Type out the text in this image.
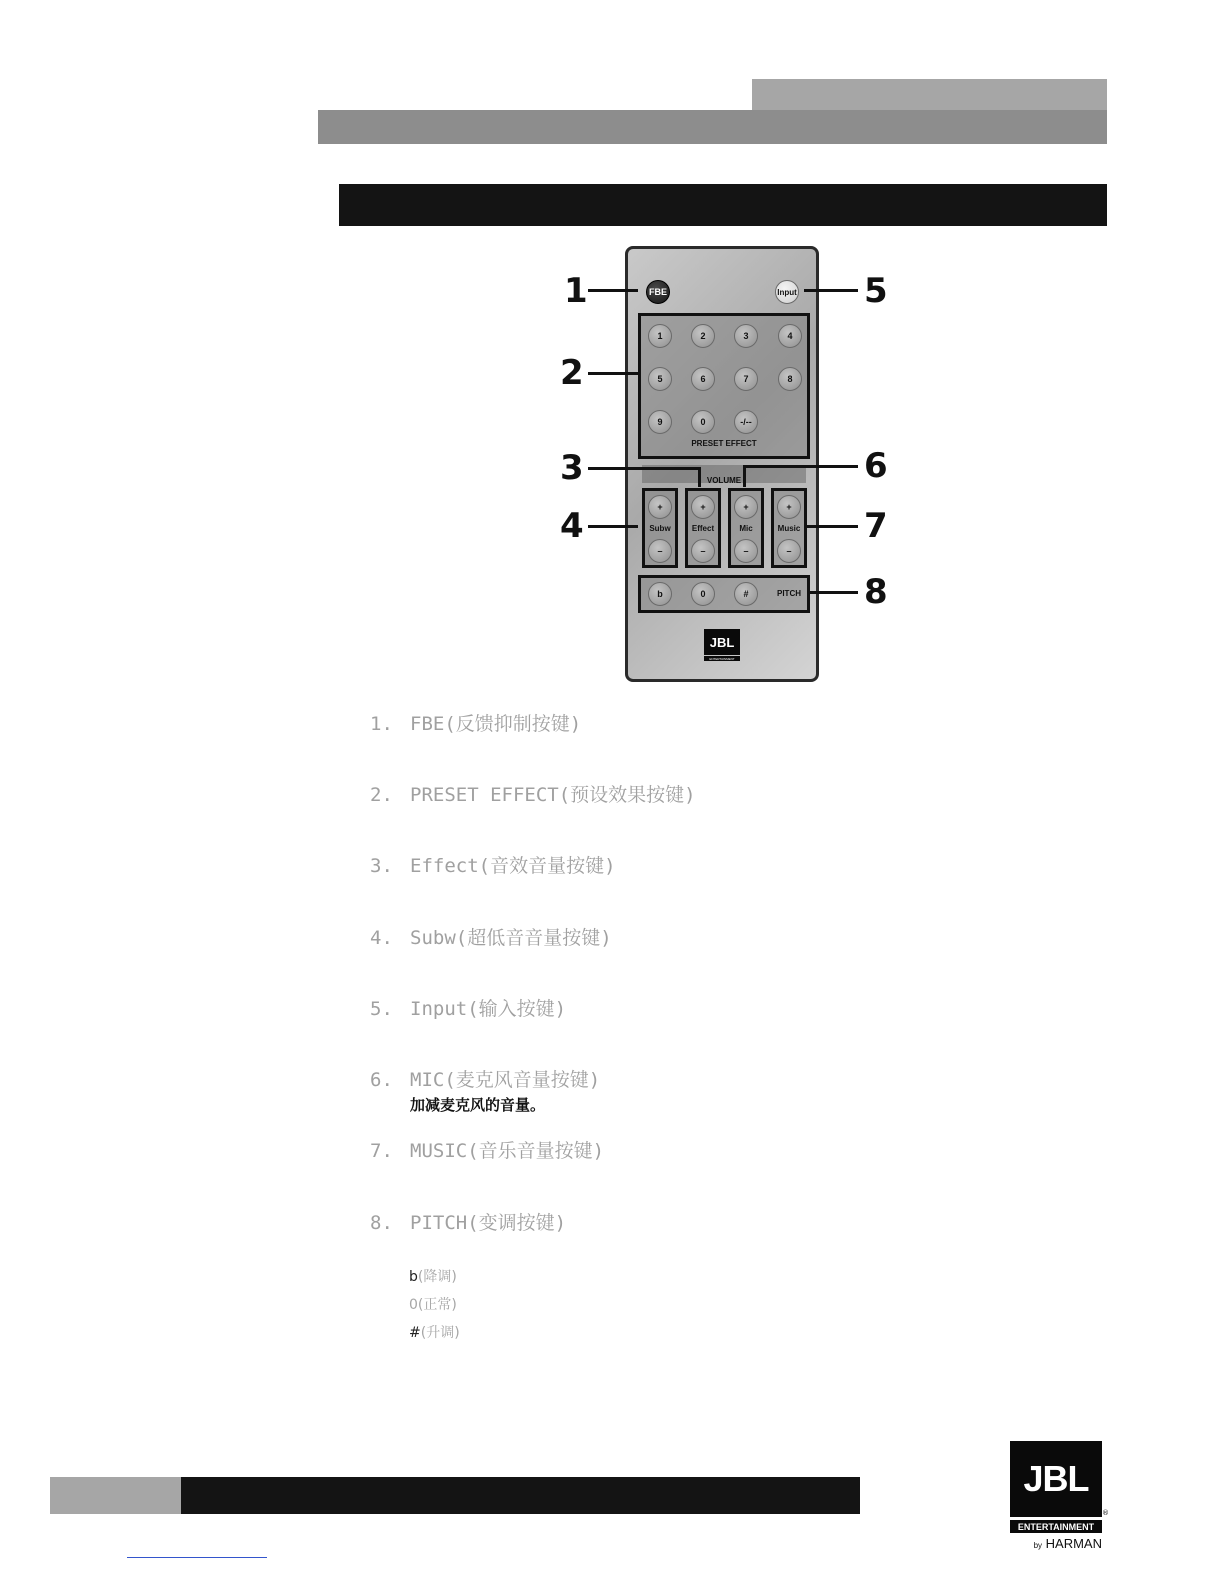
FBE	Input
1	2	3	4
5	6	7	8
9	0	-/--
PRESET EFFECT
VOLUME
+
Subw
–
+
Effect
–
+
Mic
–
+
Music
–
b	0	#	PITCH
JBL
ENTERTAINMENT
1
2
3
4
5
6
7
8
1. FBE(反馈抑制按键)
2. PRESET EFFECT(预设效果按键)
3. Effect(音效音量按键)
4. Subw(超低音音量按键)
5. Input(输入按键)
6. MIC(麦克风音量按键)
加减麦克风的音量。
7. MUSIC(音乐音量按键)
8. PITCH(变调按键)
b(降调)
0(正常)
#(升调)
JBL
®
ENTERTAINMENT
by HARMAN
